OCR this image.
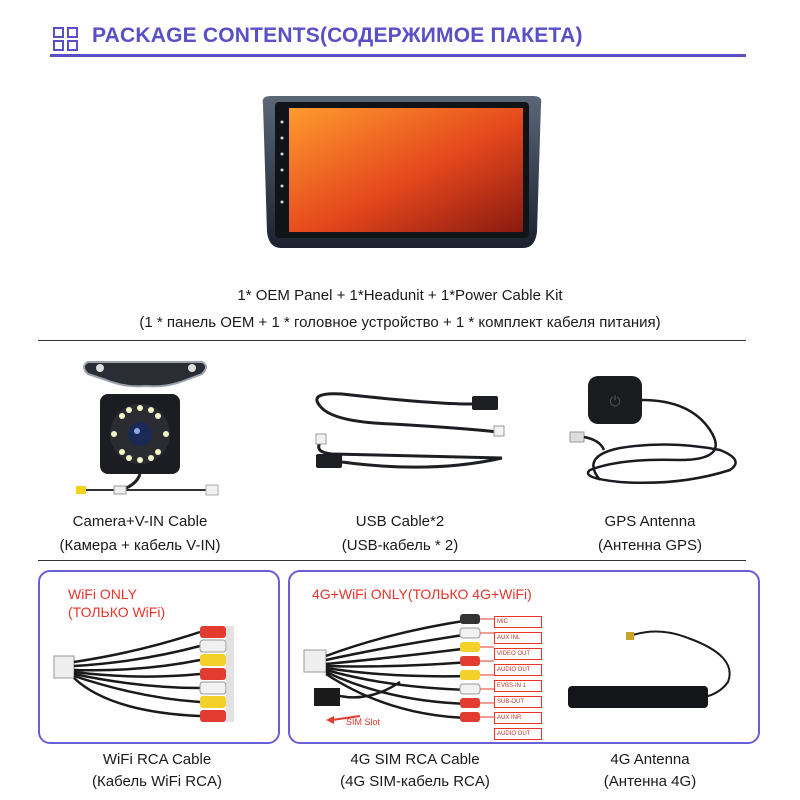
PACKAGE CONTENTS(СОДЕРЖИМОЕ ПАКЕТА)
1* OEM Panel + 1*Headunit + 1*Power Cable Kit
(1 * панель OEM + 1 * головное устройство + 1 * комплект кабеля питания)
Camera+V-IN Cable
(Камера + кабель V-IN)
USB Cable*2
(USB-кабель * 2)
⏻
GPS Antenna
(Антенна GPS)
WiFi ONLY
(ТОЛЬКО WiFi)
WiFi RCA Cable
(Кабель WiFi RCA)
4G+WiFi ONLY(ТОЛЬКО 4G+WiFi)
SIM Slot
MIC
AUX INL
VIDEO OUT
AUDIO OUT
EVBS-IN 1
SUB-OUT
AUX INR
AUDIO OUT
4G SIM RCA Cable
(4G SIM-кабель RCA)
4G Antenna
(Антенна 4G)
